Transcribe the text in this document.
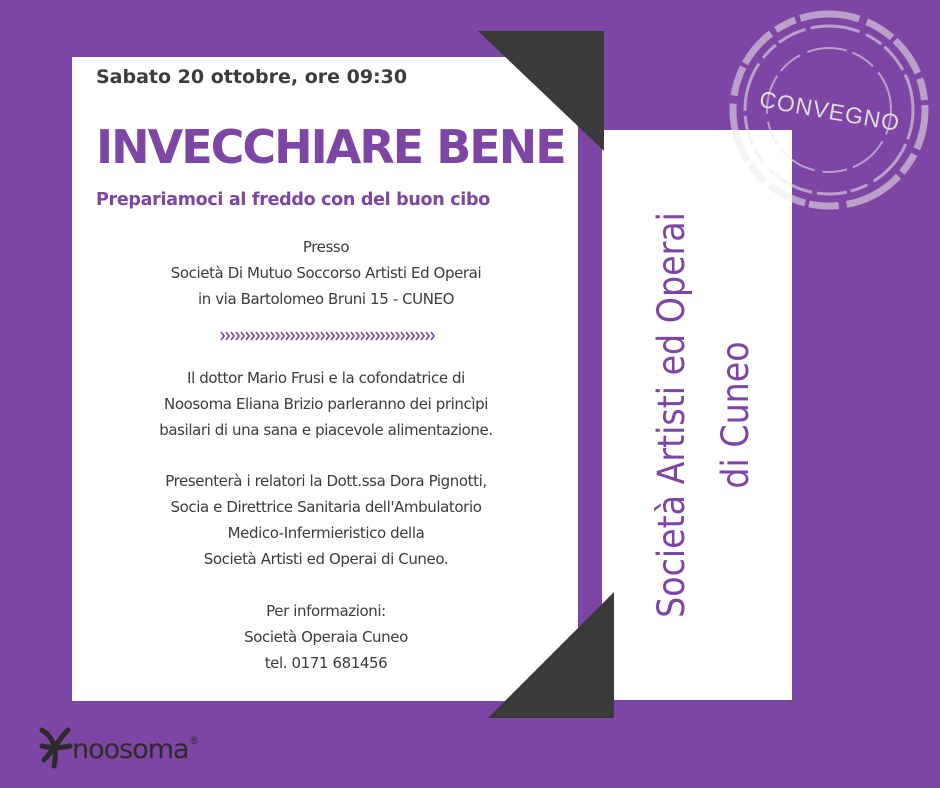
Sabato 20 ottobre, ore 09:30
INVECCHIARE BENE
Prepariamoci al freddo con del buon cibo
Presso
Società Di Mutuo Soccorso Artisti Ed Operai
in via Bartolomeo Bruni 15 - CUNEO
Il dottor Mario Frusi e la cofondatrice di
Noosoma Eliana Brizio parleranno dei princìpi
basilari di una sana e piacevole alimentazione.
Presenterà i relatori la Dott.ssa Dora Pignotti,
Socia e Direttrice Sanitaria dell'Ambulatorio
Medico-Infermieristico della
Società Artisti ed Operai di Cuneo.
Per informazioni:
Società Operaia Cuneo
tel. 0171 681456
Società Artisti ed Operai di Cuneo
CONVEGNO
noosoma®
